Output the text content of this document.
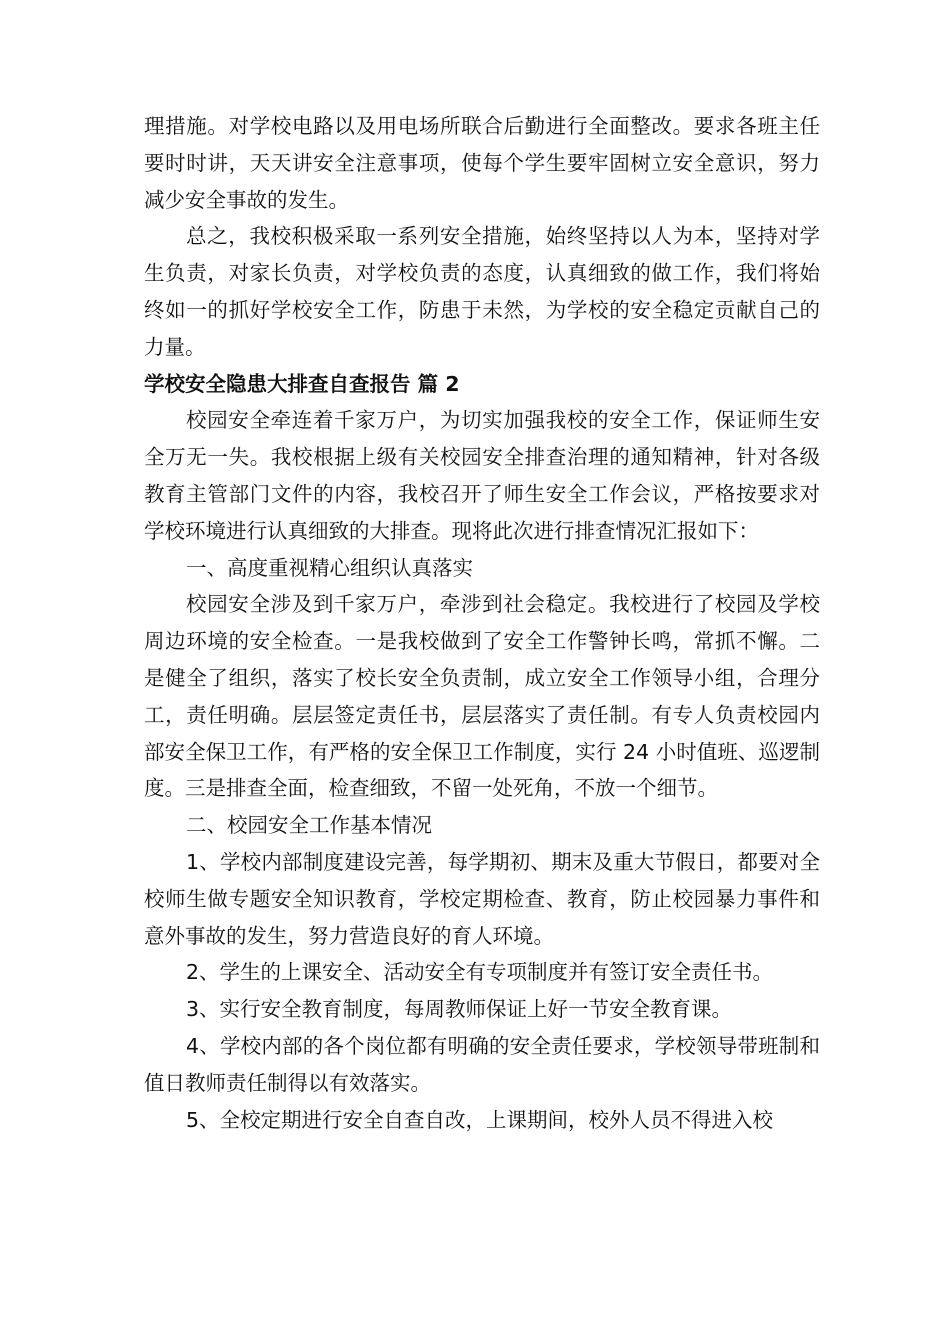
理措施。对学校电路以及用电场所联合后勤进行全面整改。要求各班主任要时时讲，天天讲安全注意事项，使每个学生要牢固树立安全意识，努力减少安全事故的发生。

总之，我校积极采取一系列安全措施，始终坚持以人为本，坚持对学生负责，对家长负责，对学校负责的态度，认真细致的做工作，我们将始终如一的抓好学校安全工作，防患于未然，为学校的安全稳定贡献自己的力量。

学校安全隐患大排查自查报告 篇 2

校园安全牵连着千家万户，为切实加强我校的安全工作，保证师生安全万无一失。我校根据上级有关校园安全排查治理的通知精神，针对各级教育主管部门文件的内容，我校召开了师生安全工作会议，严格按要求对学校环境进行认真细致的大排查。现将此次进行排查情况汇报如下：

一、高度重视精心组织认真落实

校园安全涉及到千家万户，牵涉到社会稳定。我校进行了校园及学校周边环境的安全检查。一是我校做到了安全工作警钟长鸣，常抓不懈。二是健全了组织，落实了校长安全负责制，成立安全工作领导小组，合理分工，责任明确。层层签定责任书，层层落实了责任制。有专人负责校园内部安全保卫工作，有严格的安全保卫工作制度，实行 24 小时值班、巡逻制度。三是排查全面，检查细致，不留一处死角，不放一个细节。

二、校园安全工作基本情况

1、学校内部制度建设完善，每学期初、期末及重大节假日，都要对全校师生做专题安全知识教育，学校定期检查、教育，防止校园暴力事件和意外事故的发生，努力营造良好的育人环境。

2、学生的上课安全、活动安全有专项制度并有签订安全责任书。

3、实行安全教育制度，每周教师保证上好一节安全教育课。

4、学校内部的各个岗位都有明确的安全责任要求，学校领导带班制和值日教师责任制得以有效落实。

5、全校定期进行安全自查自改，上课期间，校外人员不得进入校
